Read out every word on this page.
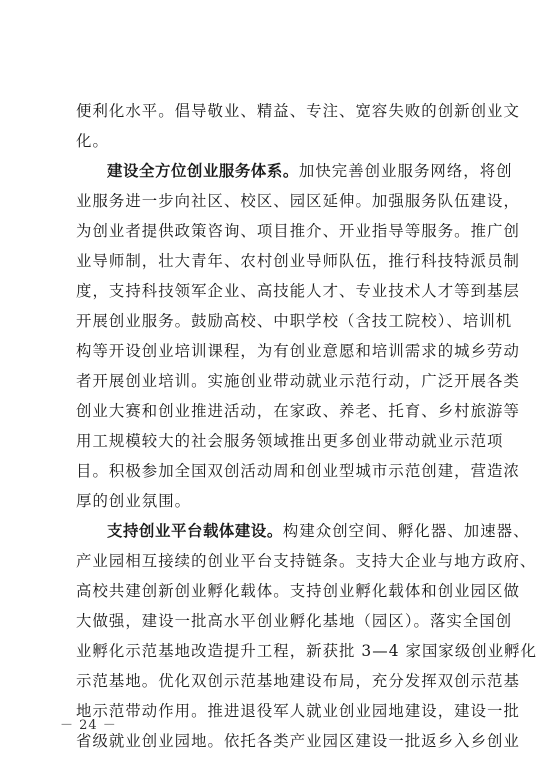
便利化水平。倡导敬业、精益、专注、宽容失败的创新创业文
化。
建设全方位创业服务体系。加快完善创业服务网络，将创
业服务进一步向社区、校区、园区延伸。加强服务队伍建设，
为创业者提供政策咨询、项目推介、开业指导等服务。推广创
业导师制，壮大青年、农村创业导师队伍，推行科技特派员制
度，支持科技领军企业、高技能人才、专业技术人才等到基层
开展创业服务。鼓励高校、中职学校（含技工院校）、培训机
构等开设创业培训课程，为有创业意愿和培训需求的城乡劳动
者开展创业培训。实施创业带动就业示范行动，广泛开展各类
创业大赛和创业推进活动，在家政、养老、托育、乡村旅游等
用工规模较大的社会服务领域推出更多创业带动就业示范项
目。积极参加全国双创活动周和创业型城市示范创建，营造浓
厚的创业氛围。
支持创业平台载体建设。构建众创空间、孵化器、加速器、
产业园相互接续的创业平台支持链条。支持大企业与地方政府、
高校共建创新创业孵化载体。支持创业孵化载体和创业园区做
大做强，建设一批高水平创业孵化基地（园区）。落实全国创
业孵化示范基地改造提升工程，新获批 3—4 家国家级创业孵化
示范基地。优化双创示范基地建设布局，充分发挥双创示范基
地示范带动作用。推进退役军人就业创业园地建设，建设一批
省级就业创业园地。依托各类产业园区建设一批返乡入乡创业
－ 24 －
